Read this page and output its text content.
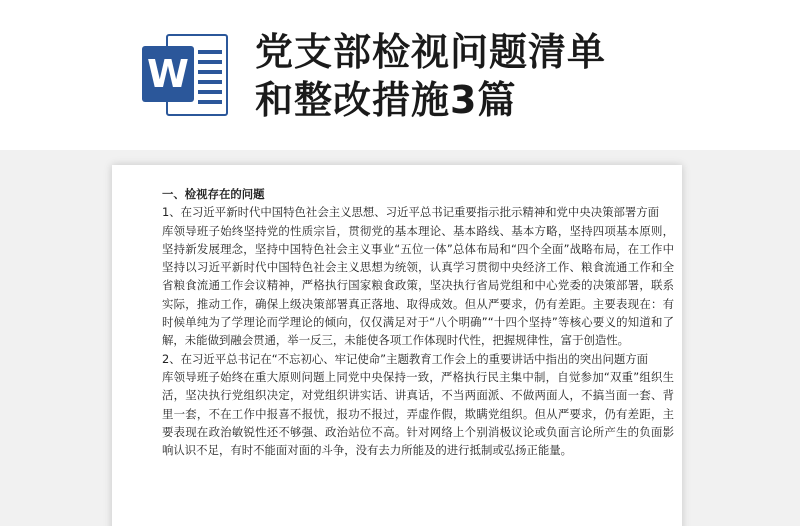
W 党支部检视问题清单
和整改措施3篇

一、检视存在的问题

1、在习近平新时代中国特色社会主义思想、习近平总书记重要指示批示精神和党中央决策部署方面

库领导班子始终坚持党的性质宗旨，贯彻党的基本理论、基本路线、基本方略，坚持四项基本原则，坚持新发展理念，坚持中国特色社会主义事业“五位一体”总体布局和“四个全面”战略布局，在工作中坚持以习近平新时代中国特色社会主义思想为统领，认真学习贯彻中央经济工作、粮食流通工作和全省粮食流通工作会议精神，严格执行国家粮食政策，坚决执行省局党组和中心党委的决策部署，联系实际，推动工作，确保上级决策部署真正落地、取得成效。但从严要求，仍有差距。主要表现在：有时候单纯为了学理论而学理论的倾向，仅仅满足对于“八个明确”“十四个坚持”等核心要义的知道和了解，未能做到融会贯通，举一反三，未能使各项工作体现时代性，把握规律性，富于创造性。

2、在习近平总书记在“不忘初心、牢记使命”主题教育工作会上的重要讲话中指出的突出问题方面

库领导班子始终在重大原则问题上同党中央保持一致，严格执行民主集中制，自觉参加“双重”组织生活，坚决执行党组织决定，对党组织讲实话、讲真话，不当两面派、不做两面人，不搞当面一套、背里一套，不在工作中报喜不报忧，报功不报过，弄虚作假，欺瞒党组织。但从严要求，仍有差距，主要表现在政治敏锐性还不够强、政治站位不高。针对网络上个别消极议论或负面言论所产生的负面影响认识不足，有时不能面对面的斗争，没有去力所能及的进行抵制或弘扬正能量。
